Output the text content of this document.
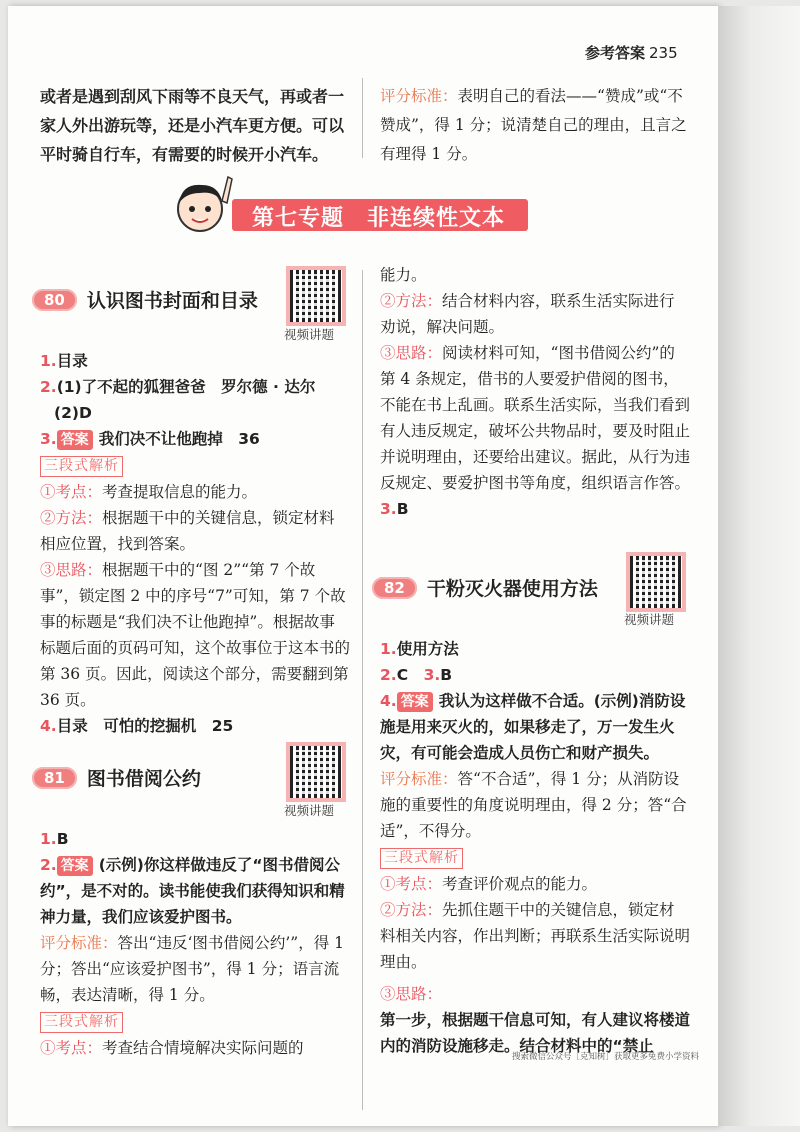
参考答案 235
或者是遇到刮风下雨等不良天气，再或者一家人外出游玩等，还是小汽车更方便。可以平时骑自行车，有需要的时候开小汽车。
评分标准：表明自己的看法——“赞成”或“不赞成”，得 1 分；说清楚自己的理由，且言之有理得 1 分。
第七专题　非连续性文本
80	认识图书封面和目录
视频讲题
1.目录
2.(1)了不起的狐狸爸爸　罗尔德 · 达尔
(2)D
3. 答案 我们决不让他跑掉　36
三段式解析
①考点：考查提取信息的能力。
②方法：根据题干中的关键信息，锁定材料相应位置，找到答案。
③思路：根据题干中的“图 2”“第 7 个故事”，锁定图 2 中的序号“7”可知，第 7 个故事的标题是“我们决不让他跑掉”。根据故事标题后面的页码可知，这个故事位于这本书的第 36 页。因此，阅读这个部分，需要翻到第 36 页。
4.目录　可怕的挖掘机　25
81	图书借阅公约
视频讲题
1.B
2. 答案 (示例)你这样做违反了“图书借阅公约”，是不对的。读书能使我们获得知识和精神力量，我们应该爱护图书。
评分标准：答出“违反‘图书借阅公约’”，得 1 分；答出“应该爱护图书”，得 1 分；语言流畅，表达清晰，得 1 分。
三段式解析
①考点：考查结合情境解决实际问题的
能力。
②方法：结合材料内容，联系生活实际进行劝说，解决问题。
③思路：阅读材料可知，“图书借阅公约”的第 4 条规定，借书的人要爱护借阅的图书，不能在书上乱画。联系生活实际，当我们看到有人违反规定，破坏公共物品时，要及时阻止并说明理由，还要给出建议。据此，从行为违反规定、要爱护图书等角度，组织语言作答。
3.B
82	干粉灭火器使用方法
视频讲题
1.使用方法
2.C　 3.B
4. 答案 我认为这样做不合适。(示例)消防设施是用来灭火的，如果移走了，万一发生火灾，有可能会造成人员伤亡和财产损失。
评分标准：答“不合适”，得 1 分；从消防设施的重要性的角度说明理由，得 2 分；答“合适”，不得分。
三段式解析
①考点：考查评价观点的能力。
②方法：先抓住题干中的关键信息，锁定材料相关内容，作出判断；再联系生活实际说明理由。
③思路：
第一步，根据题干信息可知，有人建议将楼道内的消防设施移走。结合材料中的“禁止
搜索微信公众号［克知树］获取更多免费小学资料
